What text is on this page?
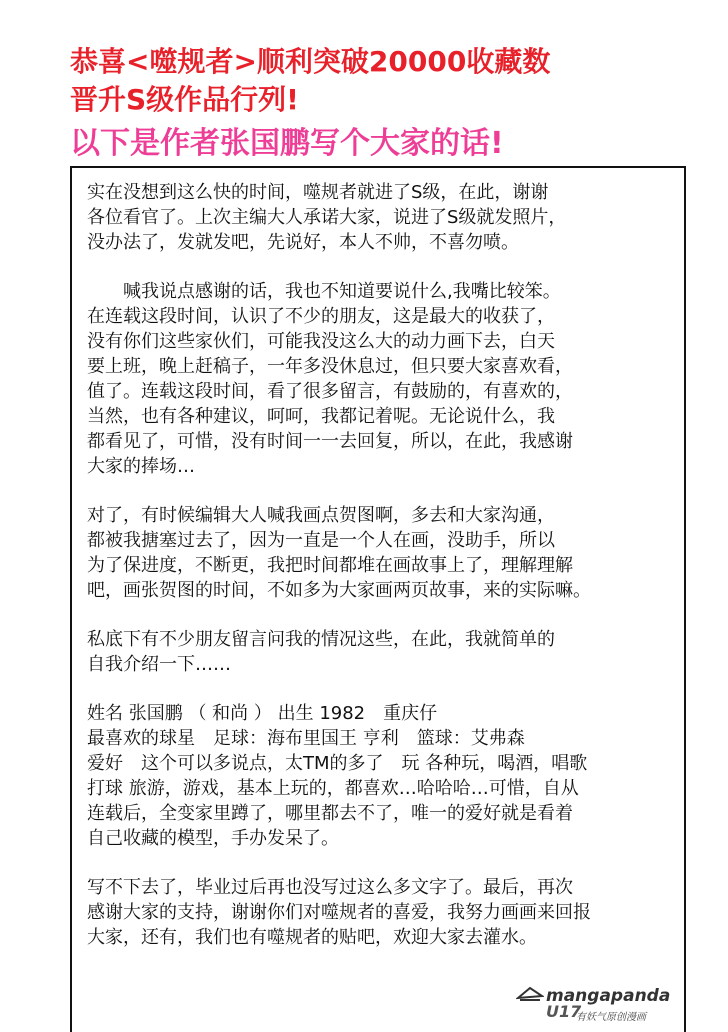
恭喜<噬规者>顺利突破20000收藏数
晋升S级作品行列!
以下是作者张国鹏写个大家的话!
实在没想到这么快的时间，噬规者就进了S级，在此，谢谢
各位看官了。上次主编大人承诺大家，说进了S级就发照片，
没办法了，发就发吧，先说好，本人不帅，不喜勿喷。
　　喊我说点感谢的话，我也不知道要说什么,我嘴比较笨。
在连载这段时间，认识了不少的朋友，这是最大的收获了，
没有你们这些家伙们，可能我没这么大的动力画下去，白天
要上班，晚上赶稿子，一年多没休息过，但只要大家喜欢看，
值了。连载这段时间，看了很多留言，有鼓励的，有喜欢的，
当然，也有各种建议，呵呵，我都记着呢。无论说什么，我
都看见了，可惜，没有时间一一去回复，所以，在此，我感谢
大家的捧场…
对了，有时候编辑大人喊我画点贺图啊，多去和大家沟通，
都被我搪塞过去了，因为一直是一个人在画，没助手，所以
为了保进度，不断更，我把时间都堆在画故事上了，理解理解
吧，画张贺图的时间，不如多为大家画两页故事，来的实际嘛。
私底下有不少朋友留言问我的情况这些，在此，我就简单的
自我介绍一下……
姓名 张国鹏 （ 和尚 ） 出生 1982　重庆仔
最喜欢的球星　足球：海布里国王 亨利　篮球：艾弗森
爱好　这个可以多说点，太TM的多了　玩 各种玩，喝酒，唱歌
打球 旅游，游戏，基本上玩的，都喜欢…哈哈哈…可惜，自从
连载后，全变家里蹲了，哪里都去不了，唯一的爱好就是看着
自己收藏的模型，手办发呆了。
写不下去了，毕业过后再也没写过这么多文字了。最后，再次
感谢大家的支持，谢谢你们对噬规者的喜爱，我努力画画来回报
大家，还有，我们也有噬规者的贴吧，欢迎大家去灌水。
mangapanda
U17
有妖气原创漫画
